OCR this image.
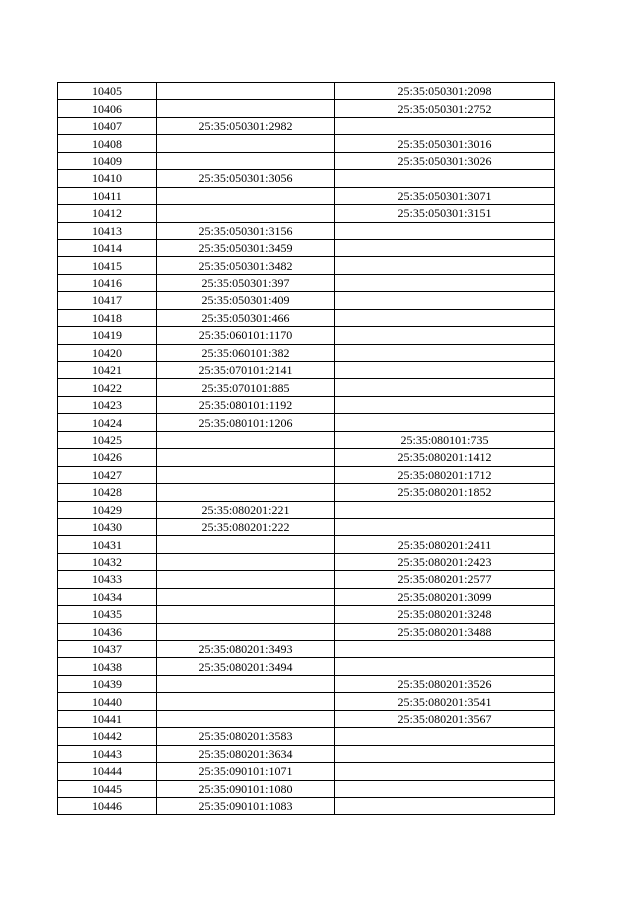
10405		25:35:050301:2098
10406		25:35:050301:2752
10407	25:35:050301:2982	
10408		25:35:050301:3016
10409		25:35:050301:3026
10410	25:35:050301:3056	
10411		25:35:050301:3071
10412		25:35:050301:3151
10413	25:35:050301:3156	
10414	25:35:050301:3459	
10415	25:35:050301:3482	
10416	25:35:050301:397	
10417	25:35:050301:409	
10418	25:35:050301:466	
10419	25:35:060101:1170	
10420	25:35:060101:382	
10421	25:35:070101:2141	
10422	25:35:070101:885	
10423	25:35:080101:1192	
10424	25:35:080101:1206	
10425		25:35:080101:735
10426		25:35:080201:1412
10427		25:35:080201:1712
10428		25:35:080201:1852
10429	25:35:080201:221	
10430	25:35:080201:222	
10431		25:35:080201:2411
10432		25:35:080201:2423
10433		25:35:080201:2577
10434		25:35:080201:3099
10435		25:35:080201:3248
10436		25:35:080201:3488
10437	25:35:080201:3493	
10438	25:35:080201:3494	
10439		25:35:080201:3526
10440		25:35:080201:3541
10441		25:35:080201:3567
10442	25:35:080201:3583	
10443	25:35:080201:3634	
10444	25:35:090101:1071	
10445	25:35:090101:1080	
10446	25:35:090101:1083	
